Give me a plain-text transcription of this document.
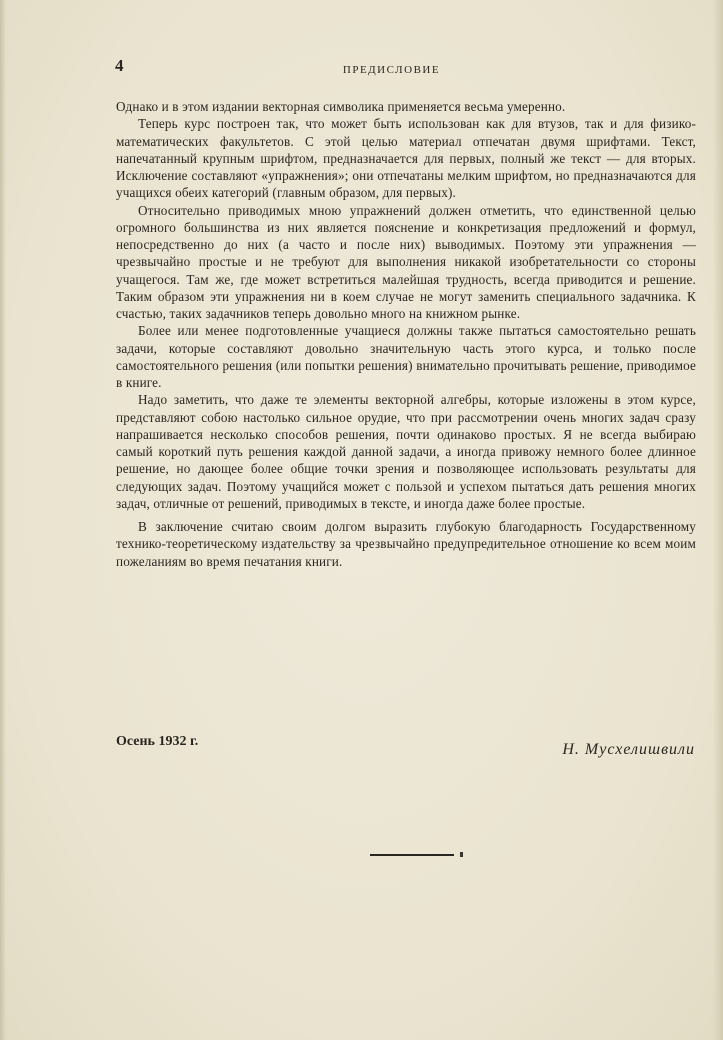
4	ПРЕДИСЛОВИЕ

Однако и в этом издании векторная символика применяется весьма умеренно.

Теперь курс построен так, что может быть использован как для втузов, так и для физико-математических факультетов. С этой целью материал отпечатан двумя шрифтами. Текст, напечатанный крупным шрифтом, предназначается для первых, полный же текст — для вторых. Исключение составляют «упражнения»; они отпечатаны мелким шрифтом, но предназначаются для учащихся обеих категорий (главным образом, для первых).

Относительно приводимых мною упражнений должен отметить, что единственной целью огромного большинства из них является пояснение и конкретизация предложений и формул, непосредственно до них (а часто и после них) выводимых. Поэтому эти упражнения — чрезвычайно простые и не требуют для выполнения никакой изобретательности со стороны учащегося. Там же, где может встретиться малейшая трудность, всегда приводится и решение. Таким образом эти упражнения ни в коем случае не могут заменить специального задачника. К счастью, таких задачников теперь довольно много на книжном рынке.

Более или менее подготовленные учащиеся должны также пытаться самостоятельно решать задачи, которые составляют довольно значительную часть этого курса, и только после самостоятельного решения (или попытки решения) внимательно прочитывать решение, приводимое в книге.

Надо заметить, что даже те элементы векторной алгебры, которые изложены в этом курсе, представляют собою настолько сильное орудие, что при рассмотрении очень многих задач сразу напрашивается несколько способов решения, почти одинаково простых. Я не всегда выбираю самый короткий путь решения каждой данной задачи, а иногда привожу немного более длинное решение, но дающее более общие точки зрения и позволяющее использовать результаты для следующих задач. Поэтому учащийся может с пользой и успехом пытаться дать решения многих задач, отличные от решений, приводимых в тексте, и иногда даже более простые.

В заключение считаю своим долгом выразить глубокую благодарность Государственному технико-теоретическому издательству за чрезвычайно предупредительное отношение ко всем моим пожеланиям во время печатания книги.

Осень 1932 г.	Н. Мусхелишвили
